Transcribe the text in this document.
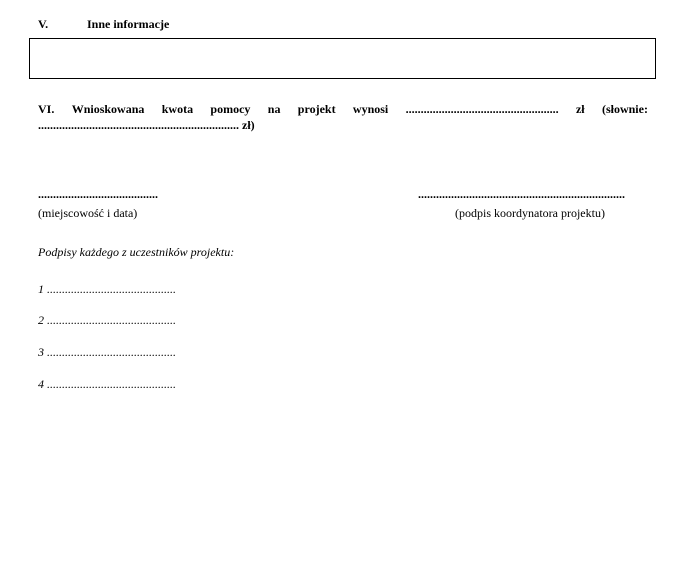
V.	Inne informacje
VI. Wnioskowana kwota pomocy na projekt wynosi ................................................... zł (słownie:
................................................................... zł)
........................................
(miejscowość i data)
.....................................................................
(podpis koordynatora projektu)
Podpisy każdego z uczestników projektu:
1 ...........................................
2 ...........................................
3 ...........................................
4 ...........................................
